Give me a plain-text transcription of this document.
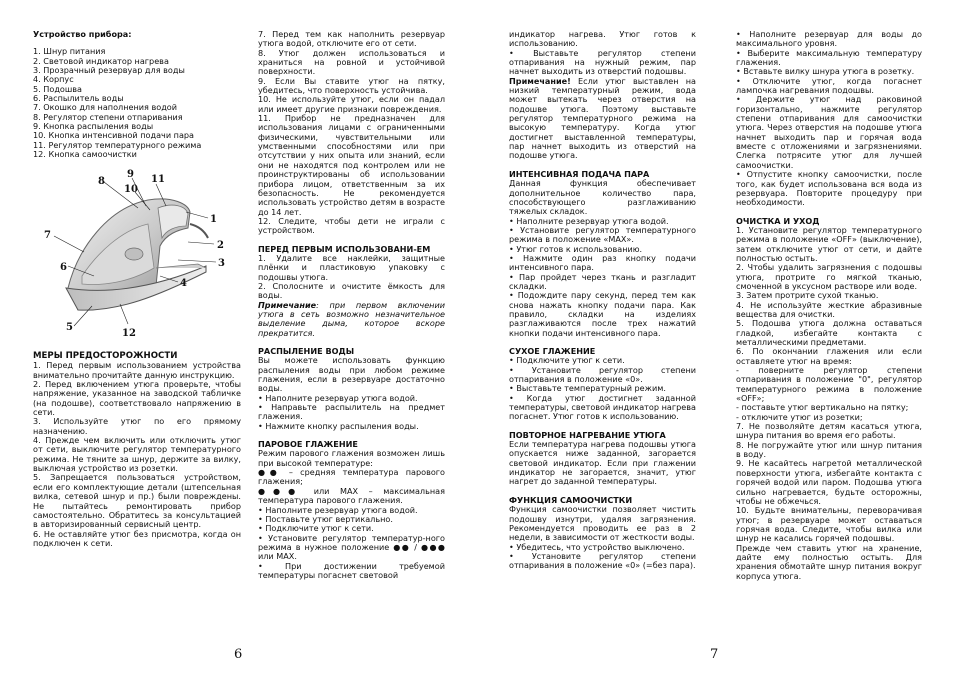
Устройство прибора:

1. Шнур питания
2. Световой индикатор нагрева
3. Прозрачный резервуар для воды
4. Корпус
5. Подошва
6. Распылитель воды
7. Окошко для наполнения водой
8. Регулятор степени отпаривания
9. Кнопка распыления воды
10. Кнопка интенсивной подачи пара
11. Регулятор температурного режима
12. Кнопка самоочистки
8
9
10
11
1
2
3
4
5
6
7
12

МЕРЫ ПРЕДОСТОРОЖНОСТИ

1. Перед первым использованием устройства внимательно прочитайте данную инструкцию.

2. Перед включением утюга проверьте, чтобы напряжение, указанное на заводской табличке (на подошве), соответствовало напряжению в сети.

3. Используйте утюг по его прямому назначению.

4. Прежде чем включить или отключить утюг от сети, выключите регулятор температурного режима. Не тяните за шнур, держите за вилку, выключая устройство из розетки.

5. Запрещается пользоваться устройством, если его комплектующие детали (штепсельная вилка, сетевой шнур и пр.) были повреждены. Не пытайтесь ремонтировать прибор самостоятельно. Обратитесь за консультацией в авторизированный сервисный центр.

6. Не оставляйте утюг без присмотра, когда он подключен к сети.

6

7. Перед тем как наполнить резервуар утюга водой, отключите его от сети.

8. Утюг должен использоваться и храниться на ровной и устойчивой поверхности.

9. Если Вы ставите утюг на пятку, убедитесь, что поверхность устойчива.

10. Не используйте утюг, если он падал или имеет другие признаки повреждения.

11. Прибор не предназначен для использования лицами с ограниченными физическими, чувствительными или умственными способностями или при отсутствии у них опыта или знаний, если они не находятся под контролем или не проинструктированы об использовании прибора лицом, ответственным за их безопасность. Не рекомендуется использовать устройство детям в возрасте до 14 лет.

12. Следите, чтобы дети не играли с устройством.

ПЕРЕД ПЕРВЫМ ИСПОЛЬЗОВАНИ-ЕМ

1. Удалите все наклейки, защитные плёнки и пластиковую упаковку с подошвы утюга.

2. Сполосните и очистите ёмкость для воды.

Примечание: при первом включении утюга в сеть возможно незначительное выделение дыма, которое вскоре прекратится.

РАСПЫЛЕНИЕ ВОДЫ

Вы можете использовать функцию распыления воды при любом режиме глажения, если в резервуаре достаточно воды.

• Наполните резервуар утюга водой.

• Направьте распылитель на предмет глажения.

• Нажмите кнопку распыления воды.

ПАРОВОЕ ГЛАЖЕНИЕ

Режим парового глажения возможен лишь при высокой температуре:

●● – средняя температура парового глажения;

●●● или MAX – максимальная температура парового глажения.

• Наполните резервуар утюга водой.

• Поставьте утюг вертикально.

• Подключите утюг к сети.

• Установите регулятор температур-ного режима в нужное положение ●● / ●●● или MAX.

• При достижении требуемой температуры погаснет световой

индикатор нагрева. Утюг готов к использованию.

• Выставьте регулятор степени отпаривания на нужный режим, пар начнет выходить из отверстий подошвы.

Примечание! Если утюг выставлен на низкий температурный режим, вода может вытекать через отверстия на подошве утюга. Поэтому выставьте регулятор температурного режима на высокую температуру. Когда утюг достигнет выставленной температуры, пар начнет выходить из отверстий на подошве утюга.

ИНТЕНСИВНАЯ ПОДАЧА ПАРА

Данная функция обеспечивает дополнительное количество пара, способствующего разглаживанию тяжелых складок.

• Наполните резервуар утюга водой.

• Установите регулятор температурного режима в положение «MAX».

• Утюг готов к использованию.

• Нажмите один раз кнопку подачи интенсивного пара.

• Пар пройдет через ткань и разгладит складки.

• Подождите пару секунд, перед тем как снова нажать кнопку подачи пара. Как правило, складки на изделиях разглаживаются после трех нажатий кнопки подачи интенсивного пара.

СУХОЕ ГЛАЖЕНИЕ

• Подключите утюг к сети.

• Установите регулятор степени отпаривания в положение «0».

• Выставьте температурный режим.

• Когда утюг достигнет заданной температуры, световой индикатор нагрева погаснет. Утюг готов к использованию.

ПОВТОРНОЕ НАГРЕВАНИЕ УТЮГА

Если температура нагрева подошвы утюга опускается ниже заданной, загорается световой индикатор. Если при глажении индикатор не загорается, значит, утюг нагрет до заданной температуры.

ФУНКЦИЯ САМООЧИСТКИ

Функция самоочистки позволяет чистить подошву изнутри, удаляя загрязнения. Рекомендуется проводить ее раз в 2 недели, в зависимости от жесткости воды.

• Убедитесь, что устройство выключено.

• Установите регулятор степени отпаривания в положение «0» (=без пара).

• Наполните резервуар для воды до максимального уровня.

• Выберите максимальную температуру глажения.

• Вставьте вилку шнура утюга в розетку.

• Отключите утюг, когда погаснет лампочка нагревания подошвы.

• Держите утюг над раковиной горизонтально, нажмите регулятор степени отпаривания для самоочистки утюга. Через отверстия на подошве утюга начнет выходить пар и горячая вода вместе с отложениями и загрязнениями. Слегка потрясите утюг для лучшей самоочистки.

• Отпустите кнопку самоочистки, после того, как будет использована вся вода из резервуара. Повторите процедуру при необходимости.

ОЧИСТКА И УХОД

1. Установите регулятор температурного режима в положение «OFF» (выключение), затем отключите утюг от сети, и дайте полностью остыть.

2. Чтобы удалить загрязнения с подошвы утюга, протрите го мягкой тканью, смоченной в уксусном растворе или воде.

3. Затем протрите сухой тканью.

4. Не используйте жесткие абразивные вещества для очистки.

5. Подошва утюга должна оставаться гладкой, избегайте контакта с металлическими предметами.

6. По окончании глажения или если оставляете утюг на время:

- поверните регулятор степени отпаривания в положение "0", регулятор температурного режима в положение «OFF»;

- поставьте утюг вертикально на пятку;

- отключите утюг из розетки;

7. Не позволяйте детям касаться утюга, шнура питания во время его работы.

8. Не погружайте утюг или шнур питания в воду.

9. Не касайтесь нагретой металлической поверхности утюга, избегайте контакта с горячей водой или паром. Подошва утюга сильно нагревается, будьте осторожны, чтобы не обжечься.

10. Будьте внимательны, переворачивая утюг; в резервуаре может оставаться горячая вода. Следите, чтобы вилка или шнур не касались горячей подошвы.

Прежде чем ставить утюг на хранение, дайте ему полностью остыть. Для хранения обмотайте шнур питания вокруг корпуса утюга.

7
